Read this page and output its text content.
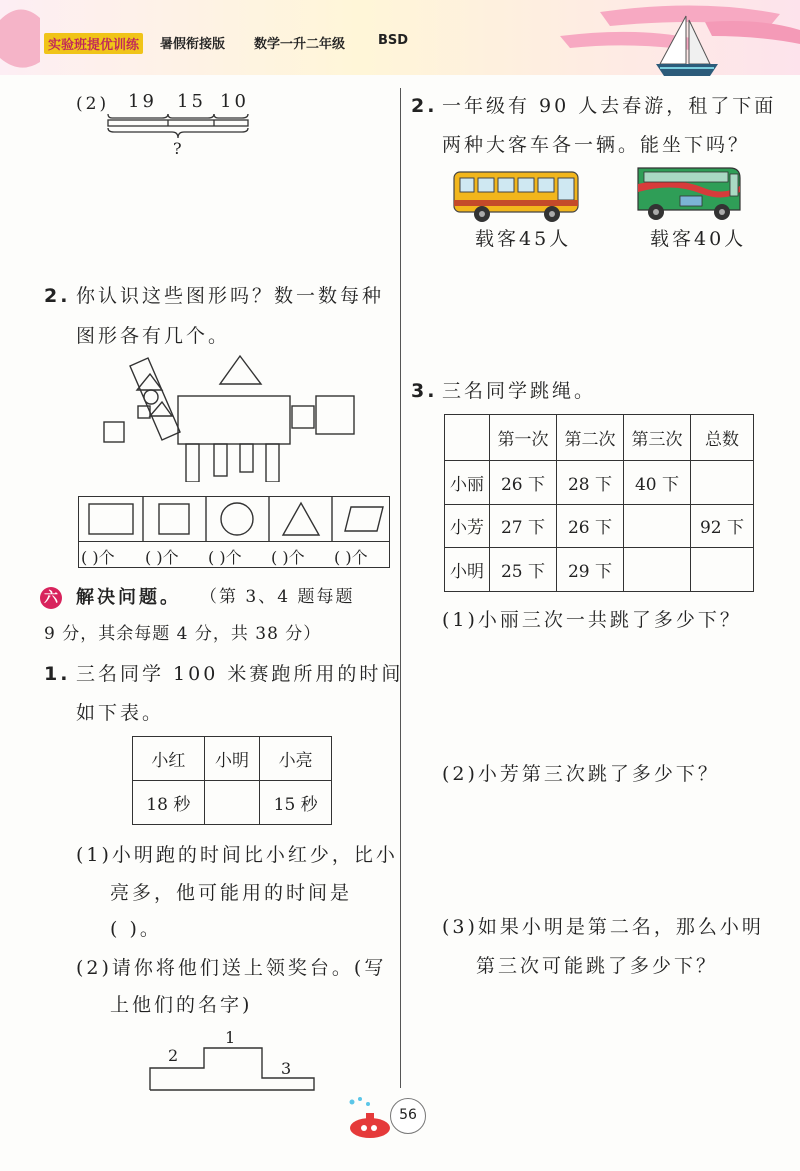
实验班提优训练	暑假衔接版 数学一升二年级	BSD
(2) 19 15 10
?
2. 你认识这些图形吗？数一数每种
图形各有几个。
( )个 ( )个 ( )个 ( )个 ( )个
六 解决问题。 （第 3、4 题每题
9 分，其余每题 4 分，共 38 分）
1. 三名同学 100 米赛跑所用的时间
如下表。
小红	小明	小亮
18 秒		15 秒
(1)小明跑的时间比小红少，比小
亮多，他可能用的时间是
( )。
(2)请你将他们送上领奖台。(写
上他们的名字)
1
2
3
2. 一年级有 90 人去春游，租了下面
两种大客车各一辆。能坐下吗？
载客45人	载客40人
3. 三名同学跳绳。
	第一次	第二次	第三次	总数
小丽	26 下	28 下	40 下	
小芳	27 下	26 下		92 下
小明	25 下	29 下		
(1)小丽三次一共跳了多少下？
(2)小芳第三次跳了多少下？
(3)如果小明是第二名，那么小明
第三次可能跳了多少下？
56
